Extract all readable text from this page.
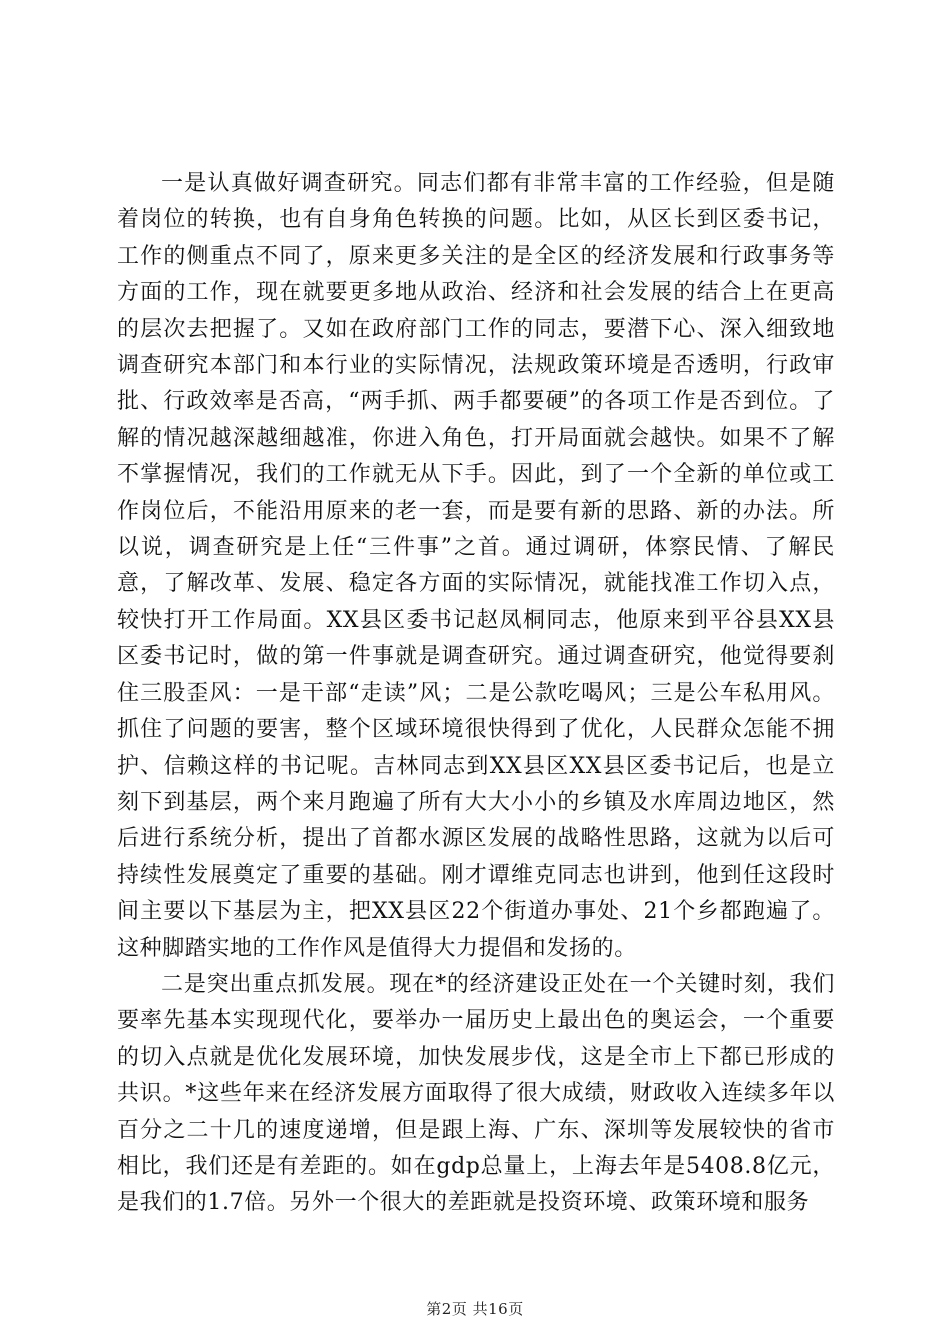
一是认真做好调查研究。同志们都有非常丰富的工作经验，但是随着岗位的转换，也有自身角色转换的问题。比如，从区长到区委书记，工作的侧重点不同了，原来更多关注的是全区的经济发展和行政事务等方面的工作，现在就要更多地从政治、经济和社会发展的结合上在更高的层次去把握了。又如在政府部门工作的同志，要潜下心、深入细致地调查研究本部门和本行业的实际情况，法规政策环境是否透明，行政审批、行政效率是否高，“两手抓、两手都要硬”的各项工作是否到位。了解的情况越深越细越准，你进入角色，打开局面就会越快。如果不了解不掌握情况，我们的工作就无从下手。因此，到了一个全新的单位或工作岗位后，不能沿用原来的老一套，而是要有新的思路、新的办法。所以说，调查研究是上任“三件事”之首。通过调研，体察民情、了解民意，了解改革、发展、稳定各方面的实际情况，就能找准工作切入点，较快打开工作局面。XX县区委书记赵凤桐同志，他原来到平谷县XX县区委书记时，做的第一件事就是调查研究。通过调查研究，他觉得要刹住三股歪风：一是干部“走读”风；二是公款吃喝风；三是公车私用风。抓住了问题的要害，整个区域环境很快得到了优化，人民群众怎能不拥护、信赖这样的书记呢。吉林同志到XX县区XX县区委书记后，也是立刻下到基层，两个来月跑遍了所有大大小小的乡镇及水库周边地区，然后进行系统分析，提出了首都水源区发展的战略性思路，这就为以后可持续性发展奠定了重要的基础。刚才谭维克同志也讲到，他到任这段时间主要以下基层为主，把XX县区22个街道办事处、21个乡都跑遍了。这种脚踏实地的工作作风是值得大力提倡和发扬的。

二是突出重点抓发展。现在*的经济建设正处在一个关键时刻，我们要率先基本实现现代化，要举办一届历史上最出色的奥运会，一个重要的切入点就是优化发展环境，加快发展步伐，这是全市上下都已形成的共识。*这些年来在经济发展方面取得了很大成绩，财政收入连续多年以百分之二十几的速度递增，但是跟上海、广东、深圳等发展较快的省市相比，我们还是有差距的。如在gdp总量上，上海去年是5408.8亿元，是我们的1.7倍。另外一个很大的差距就是投资环境、政策环境和服务

第2页 共16页
